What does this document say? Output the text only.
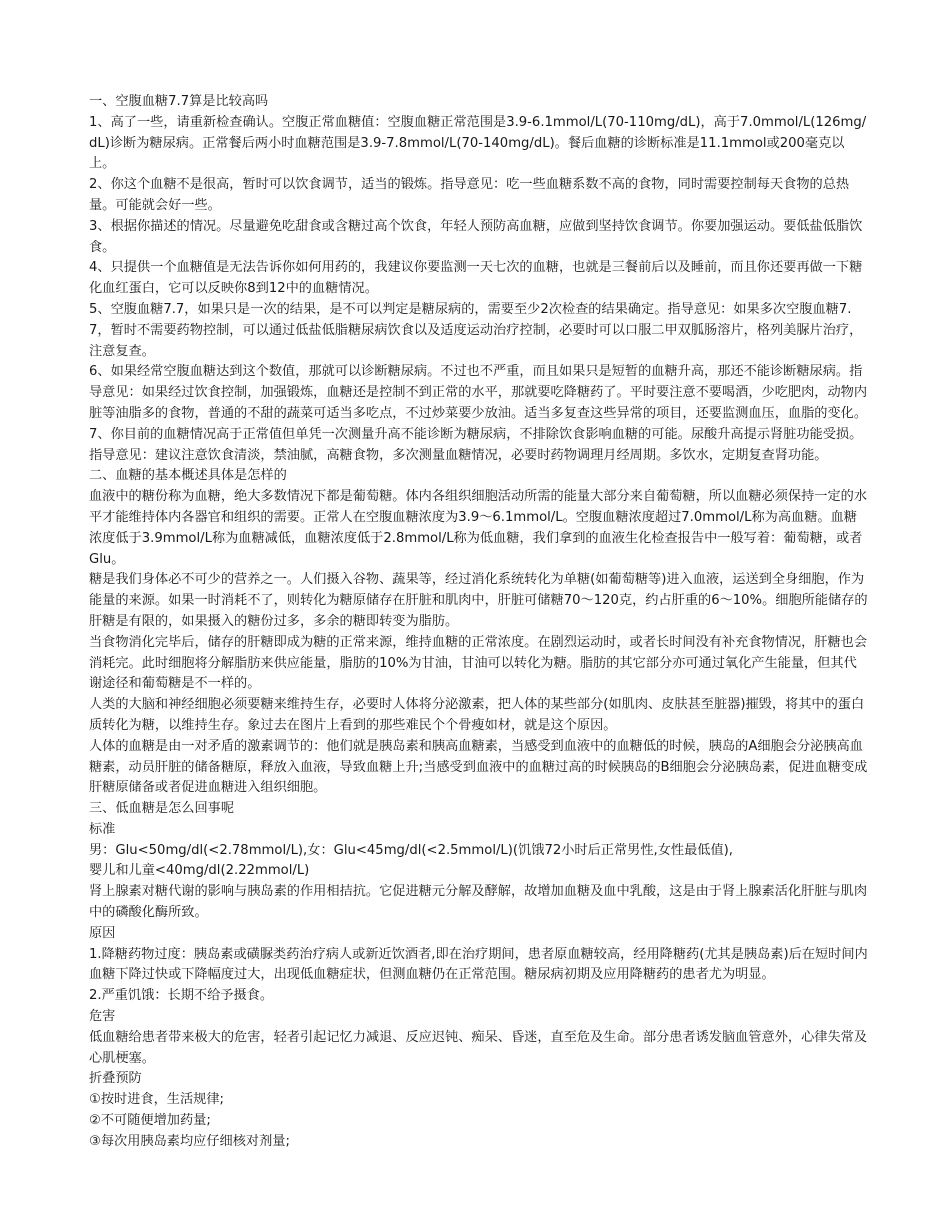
一、空腹血糖7.7算是比较高吗
1、高了一些，请重新检查确认。空腹正常血糖值：空腹血糖正常范围是3.9-6.1mmol/L(70-110mg/dL)，高于7.0mmol/L(126mg/dL)诊断为糖尿病。正常餐后两小时血糖范围是3.9-7.8mmol/L(70-140mg/dL)。餐后血糖的诊断标准是11.1mmol或200毫克以上。
2、你这个血糖不是很高，暂时可以饮食调节，适当的锻炼。指导意见：吃一些血糖系数不高的食物，同时需要控制每天食物的总热量。可能就会好一些。
3、根据你描述的情况。尽量避免吃甜食或含糖过高个饮食，年轻人预防高血糖，应做到坚持饮食调节。你要加强运动。要低盐低脂饮食。
4、只提供一个血糖值是无法告诉你如何用药的，我建议你要监测一天七次的血糖，也就是三餐前后以及睡前，而且你还要再做一下糖化血红蛋白，它可以反映你8到12中的血糖情况。
5、空腹血糖7.7，如果只是一次的结果，是不可以判定是糖尿病的，需要至少2次检查的结果确定。指导意见：如果多次空腹血糖7.7，暂时不需要药物控制，可以通过低盐低脂糖尿病饮食以及适度运动治疗控制，必要时可以口服二甲双胍肠溶片，格列美脲片治疗，注意复查。
6、如果经常空腹血糖达到这个数值，那就可以诊断糖尿病。不过也不严重，而且如果只是短暂的血糖升高，那还不能诊断糖尿病。指导意见：如果经过饮食控制，加强锻炼，血糖还是控制不到正常的水平，那就要吃降糖药了。平时要注意不要喝酒，少吃肥肉，动物内脏等油脂多的食物，普通的不甜的蔬菜可适当多吃点，不过炒菜要少放油。适当多复查这些异常的项目，还要监测血压，血脂的变化。
7、你目前的血糖情况高于正常值但单凭一次测量升高不能诊断为糖尿病，不排除饮食影响血糖的可能。尿酸升高提示肾脏功能受损。指导意见：建议注意饮食清淡，禁油腻，高糖食物，多次测量血糖情况，必要时药物调理月经周期。多饮水，定期复查肾功能。
二、血糖的基本概述具体是怎样的
血液中的糖份称为血糖，绝大多数情况下都是葡萄糖。体内各组织细胞活动所需的能量大部分来自葡萄糖，所以血糖必须保持一定的水平才能维持体内各器官和组织的需要。正常人在空腹血糖浓度为3.9～6.1mmol/L。空腹血糖浓度超过7.0mmol/L称为高血糖。血糖浓度低于3.9mmol/L称为血糖减低，血糖浓度低于2.8mmol/L称为低血糖，我们拿到的血液生化检查报告中一般写着：葡萄糖，或者Glu。
糖是我们身体必不可少的营养之一。人们摄入谷物、蔬果等，经过消化系统转化为单糖(如葡萄糖等)进入血液，运送到全身细胞，作为能量的来源。如果一时消耗不了，则转化为糖原储存在肝脏和肌肉中，肝脏可储糖70～120克，约占肝重的6～10%。细胞所能储存的肝糖是有限的，如果摄入的糖份过多，多余的糖即转变为脂肪。
当食物消化完毕后，储存的肝糖即成为糖的正常来源，维持血糖的正常浓度。在剧烈运动时，或者长时间没有补充食物情况，肝糖也会消耗完。此时细胞将分解脂肪来供应能量，脂肪的10%为甘油，甘油可以转化为糖。脂肪的其它部分亦可通过氧化产生能量，但其代谢途径和葡萄糖是不一样的。
人类的大脑和神经细胞必须要糖来维持生存，必要时人体将分泌激素，把人体的某些部分(如肌肉、皮肤甚至脏器)摧毁，将其中的蛋白质转化为糖，以维持生存。象过去在图片上看到的那些难民个个骨瘦如材，就是这个原因。
人体的血糖是由一对矛盾的激素调节的：他们就是胰岛素和胰高血糖素，当感受到血液中的血糖低的时候，胰岛的A细胞会分泌胰高血糖素，动员肝脏的储备糖原，释放入血液，导致血糖上升;当感受到血液中的血糖过高的时候胰岛的B细胞会分泌胰岛素，促进血糖变成肝糖原储备或者促进血糖进入组织细胞。
三、低血糖是怎么回事呢
标准
男：Glu<50mg/dl(<2.78mmol/L),女：Glu<45mg/dl(<2.5mmol/L)(饥饿72小时后正常男性,女性最低值),
婴儿和儿童<40mg/dl(2.22mmol/L)
肾上腺素对糖代谢的影响与胰岛素的作用相拮抗。它促进糖元分解及酵解，故增加血糖及血中乳酸，这是由于肾上腺素活化肝脏与肌肉中的磷酸化酶所致。
原因
1.降糖药物过度：胰岛素或磺脲类药治疗病人或新近饮酒者,即在治疗期间，患者原血糖较高，经用降糖药(尤其是胰岛素)后在短时间内血糖下降过快或下降幅度过大，出现低血糖症状，但测血糖仍在正常范围。糖尿病初期及应用降糖药的患者尤为明显。
2.严重饥饿：长期不给予摄食。
危害
低血糖给患者带来极大的危害，轻者引起记忆力减退、反应迟钝、痴呆、昏迷，直至危及生命。部分患者诱发脑血管意外，心律失常及心肌梗塞。
折叠预防
①按时进食，生活规律;
②不可随便增加药量;
③每次用胰岛素均应仔细核对剂量;
